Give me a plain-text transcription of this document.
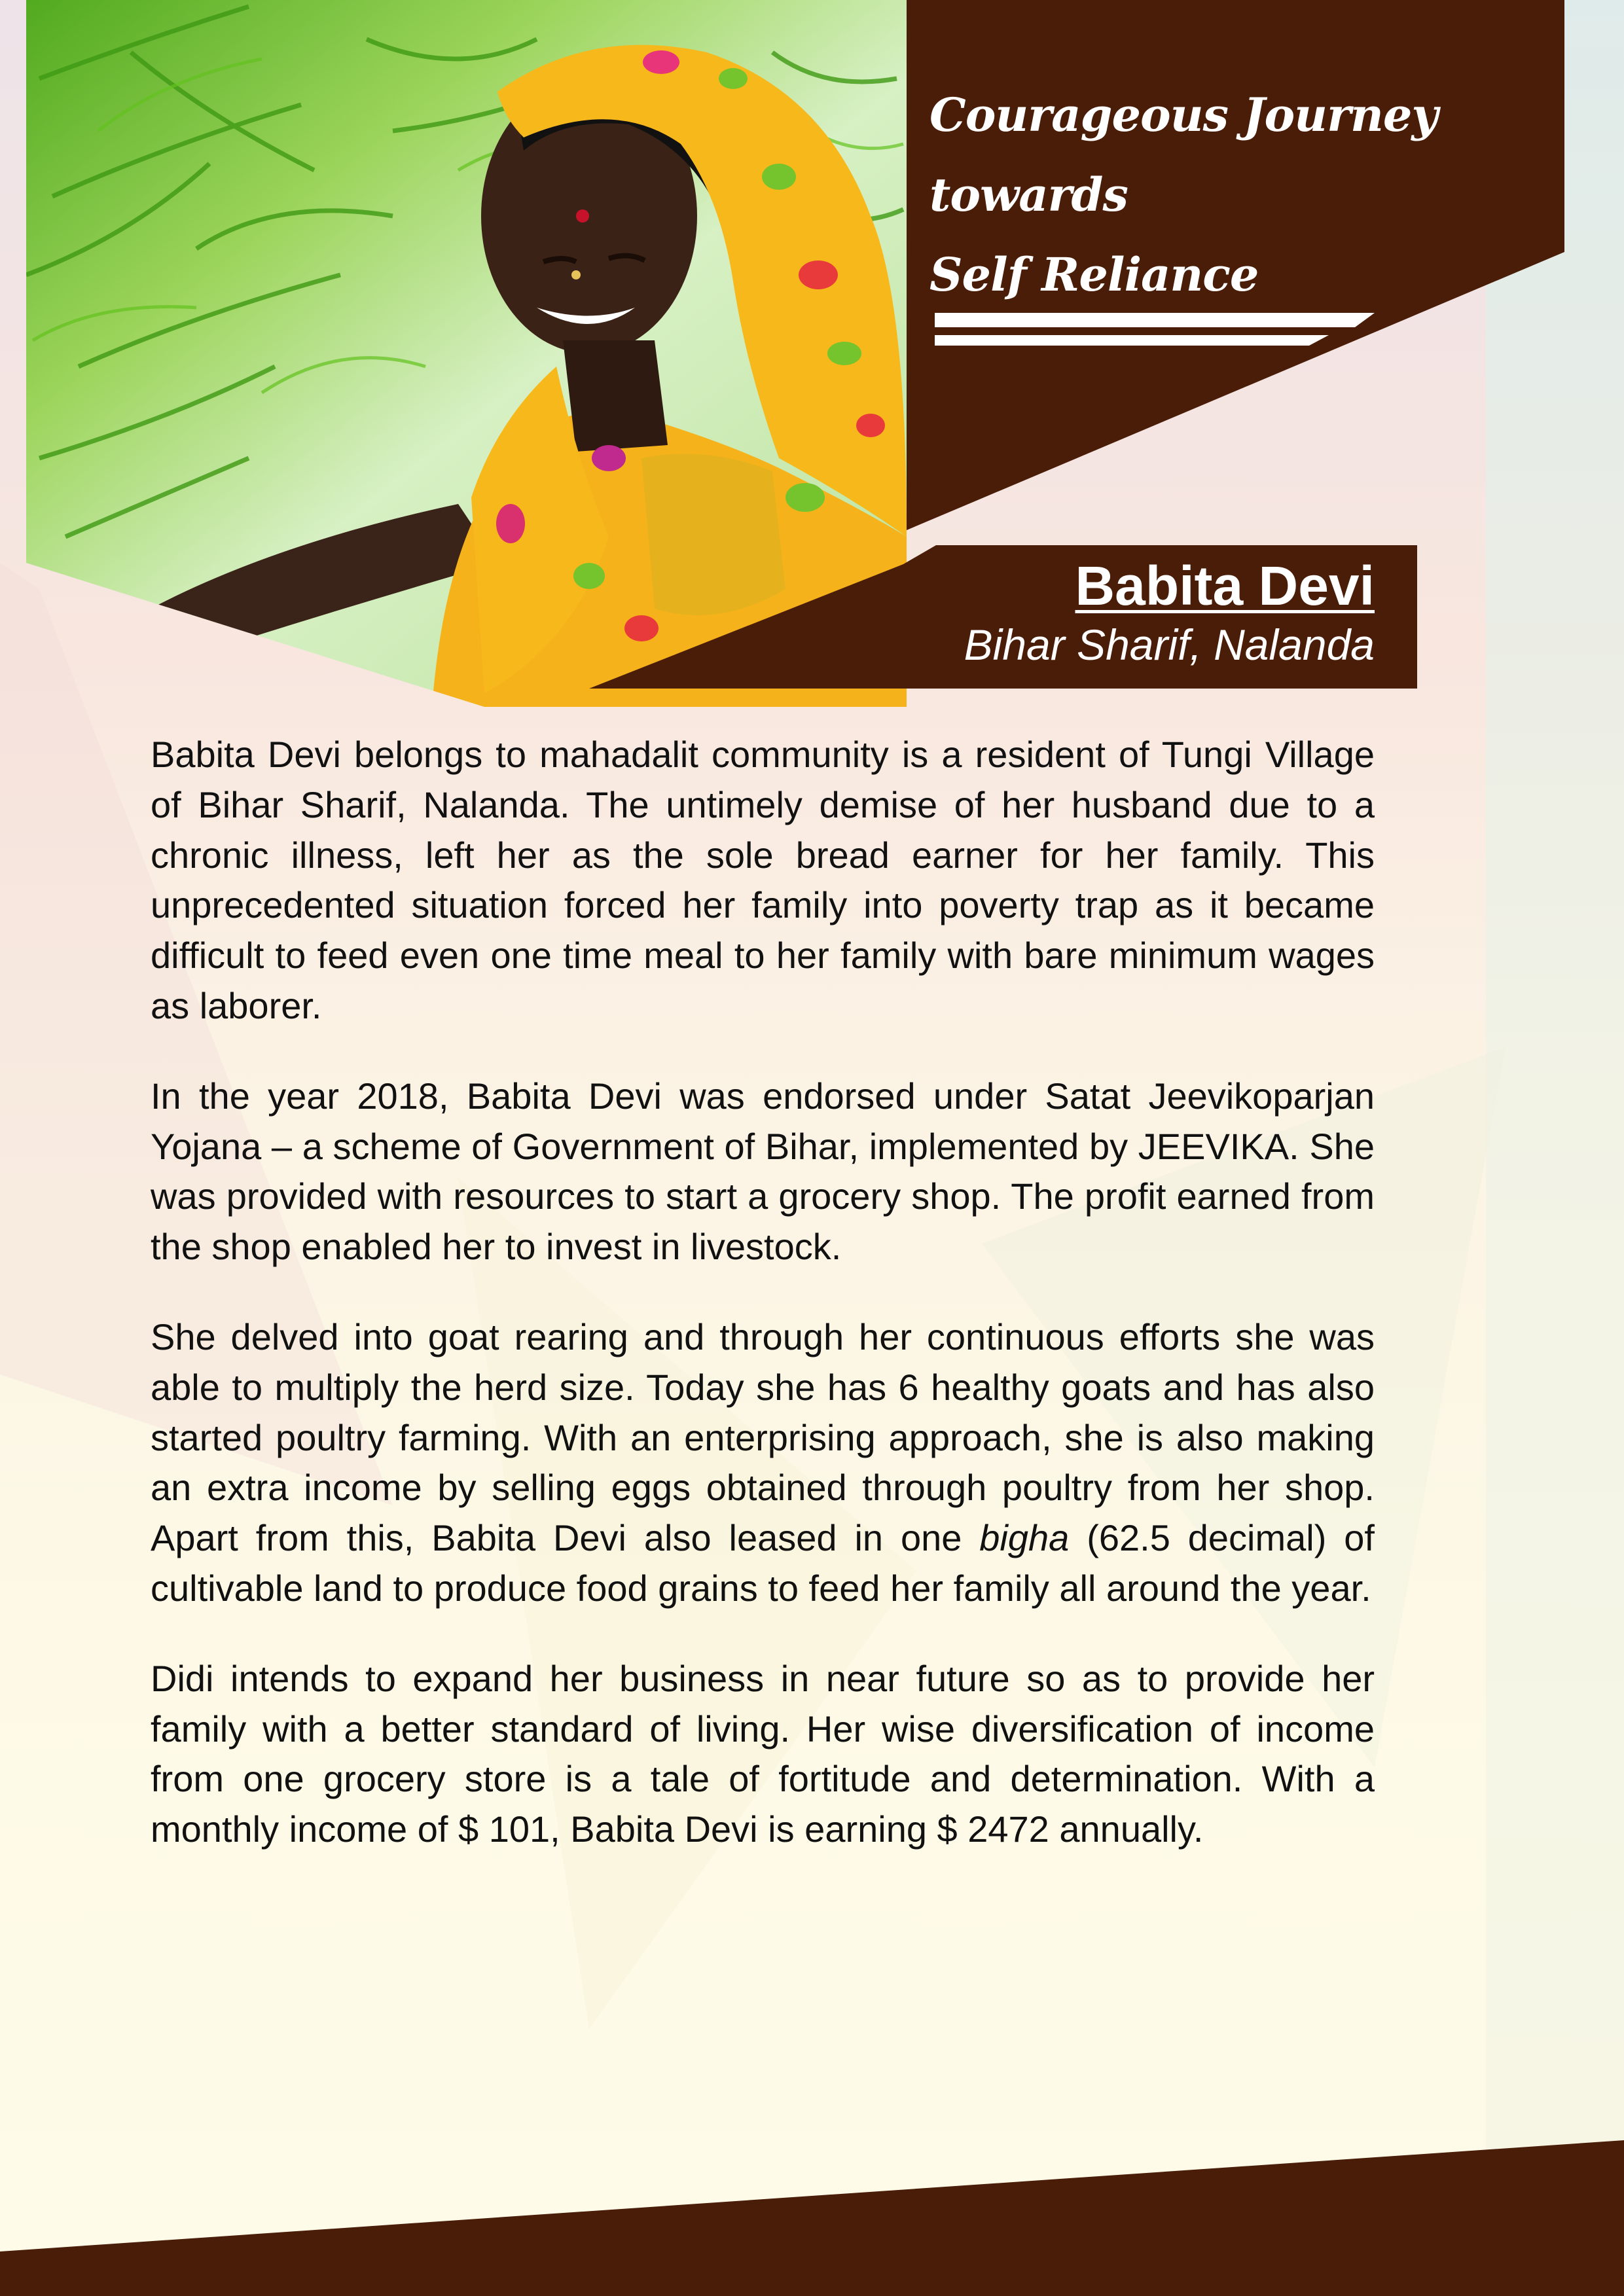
Courageous Journey towards
Self Reliance
Babita Devi
Bihar Sharif, Nalanda

Babita Devi belongs to mahadalit community is a resident of Tungi Village of Bihar Sharif, Nalanda. The untimely demise of her husband due to a chronic illness, left her as the sole bread earner for her family. This unprecedented situation forced her family into poverty trap as it became difficult to feed even one time meal to her family with bare minimum wages as laborer.

In the year 2018, Babita Devi was endorsed under Satat Jeevikoparjan Yojana – a scheme of Government of Bihar, implemented by JEEVIKA. She was provided with resources to start a grocery shop. The profit earned from the shop enabled her to invest in livestock.

She delved into goat rearing and through her continuous efforts she was able to multiply the herd size. Today she has 6 healthy goats and has also started poultry farming. With an enterprising approach, she is also making an extra income by selling eggs obtained through poultry from her shop. Apart from this, Babita Devi also leased in one bigha (62.5 decimal) of cultivable land to produce food grains to feed her family all around the year.

Didi intends to expand her business in near future so as to provide her family with a better standard of living. Her wise diversification of income from one grocery store is a tale of fortitude and determination. With a monthly income of $ 101, Babita Devi is earning $ 2472 annually.
